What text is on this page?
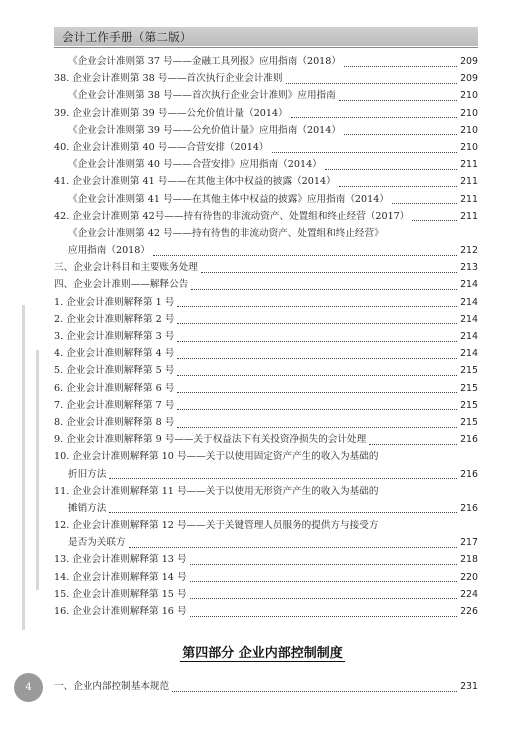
会计工作手册（第二版）
《企业会计准则第 37 号——金融工具列报》应用指南（2018）	209
38. 企业会计准则第 38 号——首次执行企业会计准则	209
《企业会计准则第 38 号——首次执行企业会计准则》应用指南	210
39. 企业会计准则第 39 号——公允价值计量（2014）	210
《企业会计准则第 39 号——公允价值计量》应用指南（2014）	210
40. 企业会计准则第 40 号——合营安排（2014）	210
《企业会计准则第 40 号——合营安排》应用指南（2014）	211
41. 企业会计准则第 41 号——在其他主体中权益的披露（2014）	211
《企业会计准则第 41 号——在其他主体中权益的披露》应用指南（2014）	211
42. 企业会计准则第 42号——持有待售的非流动资产、处置组和终止经营（2017）	211
《企业会计准则第 42 号——持有待售的非流动资产、处置组和终止经营》
应用指南（2018）	212
三、企业会计科目和主要账务处理	213
四、企业会计准则——解释公告	214
1. 企业会计准则解释第 1 号	214
2. 企业会计准则解释第 2 号	214
3. 企业会计准则解释第 3 号	214
4. 企业会计准则解释第 4 号	214
5. 企业会计准则解释第 5 号	215
6. 企业会计准则解释第 6 号	215
7. 企业会计准则解释第 7 号	215
8. 企业会计准则解释第 8 号	215
9. 企业会计准则解释第 9 号——关于权益法下有关投资净损失的会计处理	216
10. 企业会计准则解释第 10 号——关于以使用固定资产产生的收入为基础的
折旧方法	216
11. 企业会计准则解释第 11 号——关于以使用无形资产产生的收入为基础的
摊销方法	216
12. 企业会计准则解释第 12 号——关于关键管理人员服务的提供方与接受方
是否为关联方	217
13. 企业会计准则解释第 13 号	218
14. 企业会计准则解释第 14 号	220
15. 企业会计准则解释第 15 号	224
16. 企业会计准则解释第 16 号	226
第四部分 企业内部控制制度
一、企业内部控制基本规范	231
4
